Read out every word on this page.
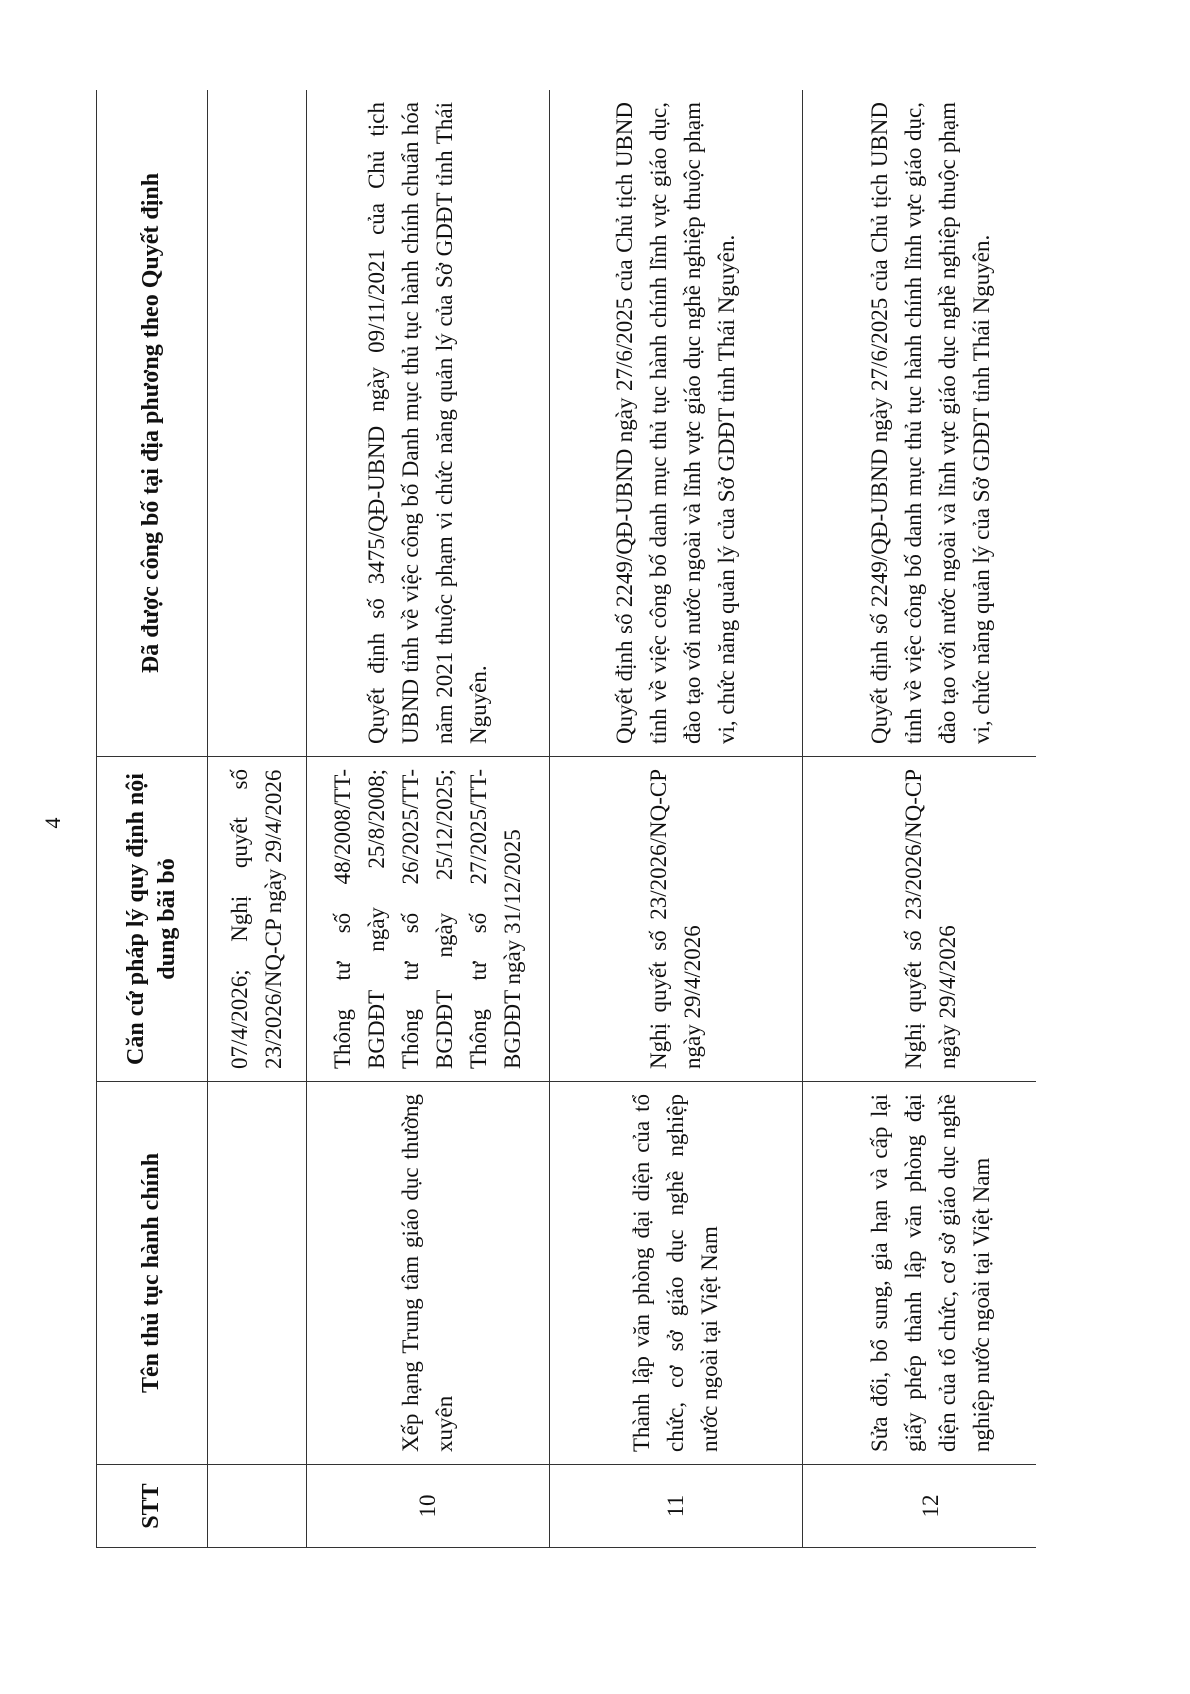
4
STT	Tên thủ tục hành chính	Căn cứ pháp lý quy định nội dung bãi bỏ	Đã được công bố tại địa phương theo Quyết định
		07/4/2026; Nghị quyết số 23/2026/NQ-CP ngày 29/4/2026	
10	Xếp hạng Trung tâm giáo dục thường xuyên	Thông tư số 48/2008/TT-BGDĐT ngày 25/8/2008; Thông tư số 26/2025/TT-BGDĐT ngày 25/12/2025; Thông tư số 27/2025/TT-BGDĐT ngày 31/12/2025	Quyết định số 3475/QĐ-UBND ngày 09/11/2021 của Chủ tịch UBND tỉnh về việc công bố Danh mục thủ tục hành chính chuẩn hóa năm 2021 thuộc phạm vi chức năng quản lý của Sở GDĐT tỉnh Thái Nguyên.
11	Thành lập văn phòng đại diện của tổ chức, cơ sở giáo dục nghề nghiệp nước ngoài tại Việt Nam	Nghị quyết số 23/2026/NQ-CP ngày 29/4/2026	Quyết định số 2249/QĐ-UBND ngày 27/6/2025 của Chủ tịch UBND tỉnh về việc công bố danh mục thủ tục hành chính lĩnh vực giáo dục, đào tạo với nước ngoài và lĩnh vực giáo dục nghề nghiệp thuộc phạm vi, chức năng quản lý của Sở GDĐT tỉnh Thái Nguyên.
12	Sửa đổi, bổ sung, gia hạn và cấp lại giấy phép thành lập văn phòng đại diện của tổ chức, cơ sở giáo dục nghề nghiệp nước ngoài tại Việt Nam	Nghị quyết số 23/2026/NQ-CP ngày 29/4/2026	Quyết định số 2249/QĐ-UBND ngày 27/6/2025 của Chủ tịch UBND tỉnh về việc công bố danh mục thủ tục hành chính lĩnh vực giáo dục, đào tạo với nước ngoài và lĩnh vực giáo dục nghề nghiệp thuộc phạm vi, chức năng quản lý của Sở GDĐT tỉnh Thái Nguyên.
